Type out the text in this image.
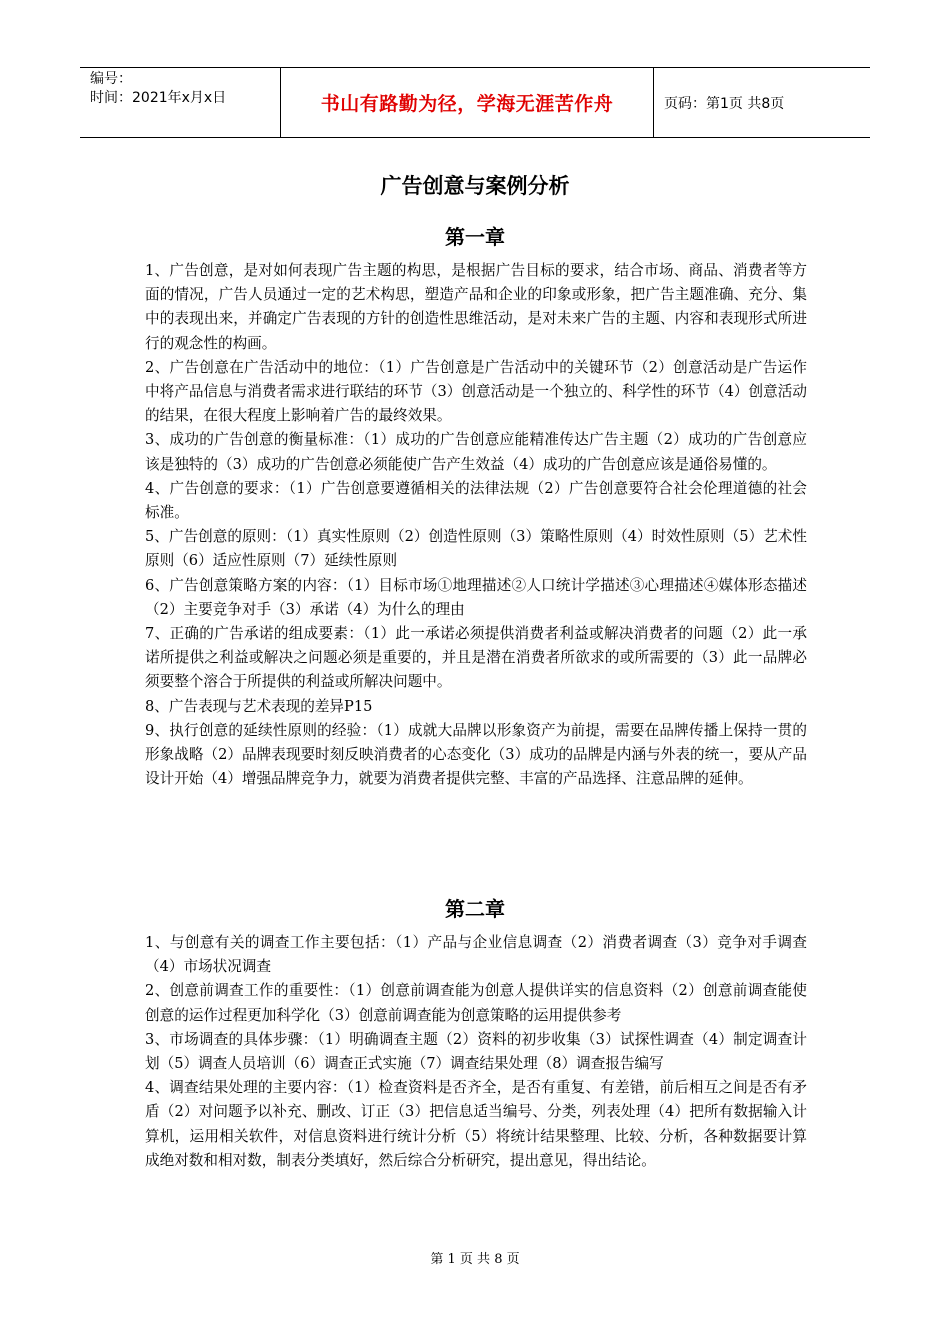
编号：
时间：2021年x月x日	书山有路勤为径，学海无涯苦作舟	页码：第1页 共8页
广告创意与案例分析
第一章

1、广告创意，是对如何表现广告主题的构思，是根据广告目标的要求，结合市场、商品、消费者等方面的情况，广告人员通过一定的艺术构思，塑造产品和企业的印象或形象，把广告主题准确、充分、集中的表现出来，并确定广告表现的方针的创造性思维活动，是对未来广告的主题、内容和表现形式所进行的观念性的构画。

2、广告创意在广告活动中的地位：（1）广告创意是广告活动中的关键环节（2）创意活动是广告运作中将产品信息与消费者需求进行联结的环节（3）创意活动是一个独立的、科学性的环节（4）创意活动的结果，在很大程度上影响着广告的最终效果。

3、成功的广告创意的衡量标准：（1）成功的广告创意应能精准传达广告主题（2）成功的广告创意应该是独特的（3）成功的广告创意必须能使广告产生效益（4）成功的广告创意应该是通俗易懂的。

4、广告创意的要求：（1）广告创意要遵循相关的法律法规（2）广告创意要符合社会伦理道德的社会标准。

5、广告创意的原则：（1）真实性原则（2）创造性原则（3）策略性原则（4）时效性原则（5）艺术性原则（6）适应性原则（7）延续性原则

6、广告创意策略方案的内容：（1）目标市场①地理描述②人口统计学描述③心理描述④媒体形态描述（2）主要竞争对手（3）承诺（4）为什么的理由

7、正确的广告承诺的组成要素：（1）此一承诺必须提供消费者利益或解决消费者的问题（2）此一承诺所提供之利益或解决之问题必须是重要的，并且是潜在消费者所欲求的或所需要的（3）此一品牌必须要整个溶合于所提供的利益或所解决问题中。

8、广告表现与艺术表现的差异P15

9、执行创意的延续性原则的经验：（1）成就大品牌以形象资产为前提，需要在品牌传播上保持一贯的形象战略（2）品牌表现要时刻反映消费者的心态变化（3）成功的品牌是内涵与外表的统一，要从产品设计开始（4）增强品牌竞争力，就要为消费者提供完整、丰富的产品选择、注意品牌的延伸。

第二章

1、与创意有关的调查工作主要包括：（1）产品与企业信息调查（2）消费者调查（3）竞争对手调查（4）市场状况调查

2、创意前调查工作的重要性：（1）创意前调查能为创意人提供详实的信息资料（2）创意前调查能使创意的运作过程更加科学化（3）创意前调查能为创意策略的运用提供参考

3、市场调查的具体步骤：（1）明确调查主题（2）资料的初步收集（3）试探性调查（4）制定调查计划（5）调查人员培训（6）调查正式实施（7）调查结果处理（8）调查报告编写

4、调查结果处理的主要内容：（1）检查资料是否齐全，是否有重复、有差错，前后相互之间是否有矛盾（2）对问题予以补充、删改、订正（3）把信息适当编号、分类，列表处理（4）把所有数据输入计算机，运用相关软件，对信息资料进行统计分析（5）将统计结果整理、比较、分析，各种数据要计算成绝对数和相对数，制表分类填好，然后综合分析研究，提出意见，得出结论。

第 1 页 共 8 页
